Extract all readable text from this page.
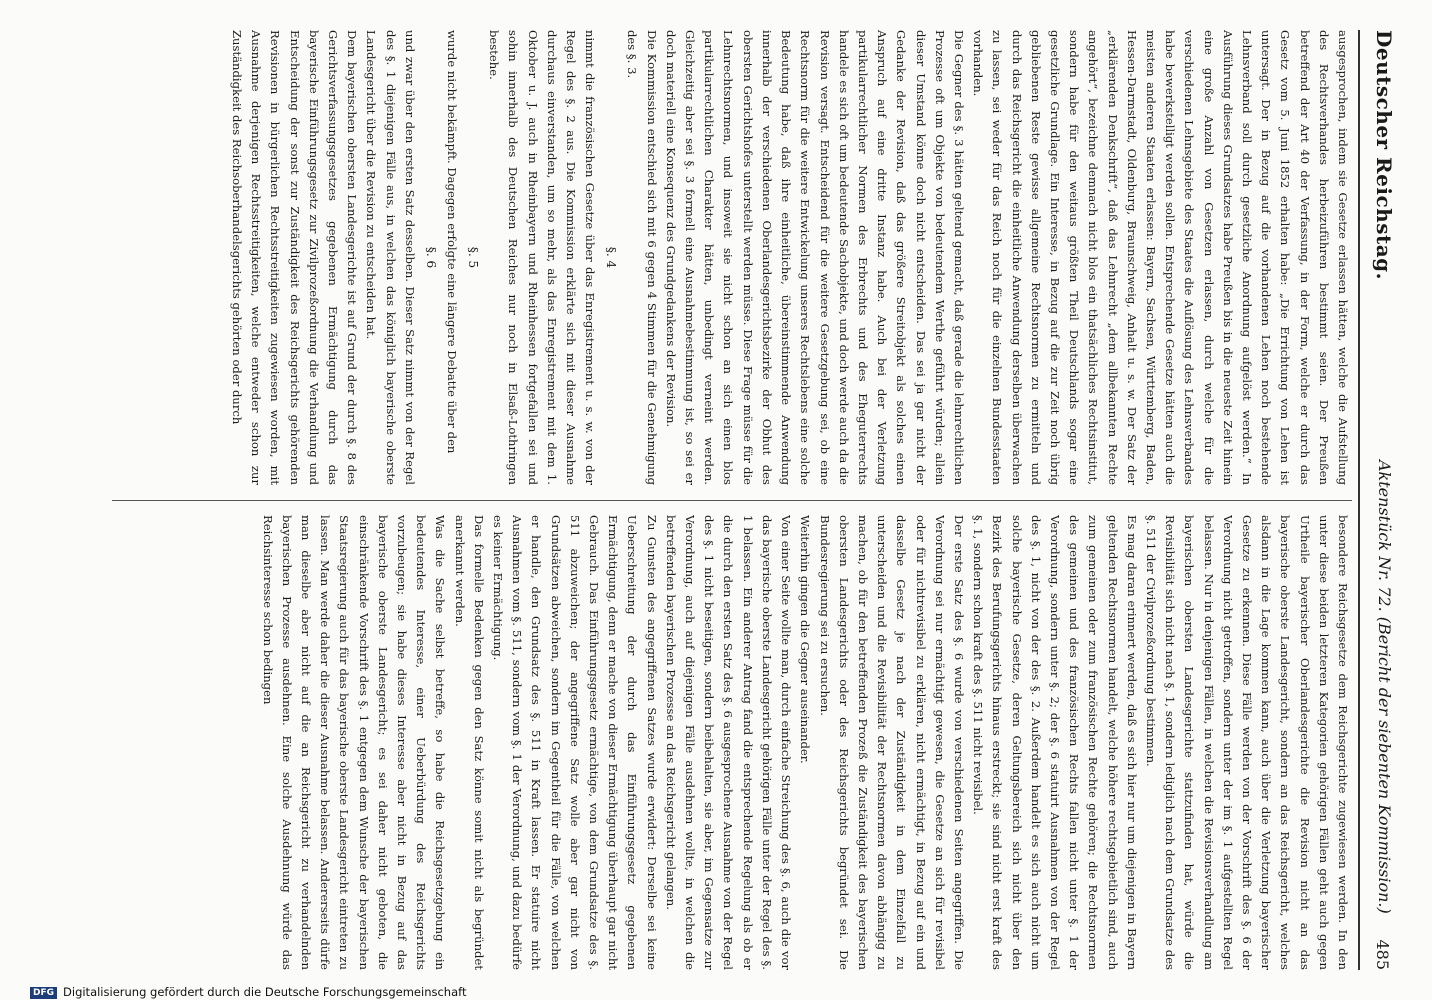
Deutscher Reichstag.
Aktenstück Nr. 72. (Bericht der siebenten Kommission.)
485

ausgesprochen, indem sie Gesetze erlassen hätten, welche die Aufstellung des Rechtsverhandes herbeizuführen bestimmt seien. Der Preußen betreffend der Art 40 der Verfassung, in der Form, welche er durch das Gesetz vom 5. Juni 1852 erhalten habe: „Die Errichtung von Lehen ist untersagt. Der in Bezug auf die vorhandenen Lehen noch bestehende Lehnsverband soll durch gesetzliche Anordnung aufgelöst werden.“ In Ausführung dieses Grundsatzes habe Preußen bis in die neueste Zeit hinein eine große Anzahl von Gesetzen erlassen, durch welche für die verschiedenen Lehnsgebiete des Staates die Auflösung des Lehnsverbandes habe bewerkstelligt werden sollen. Entsprechende Gesetze hätten auch die meisten anderen Staaten erlassen: Bayern, Sachsen, Württemberg, Baden, Hessen-Darmstadt, Oldenburg, Braunschweig, Anhalt u. s. w. Der Satz der „erklärenden Denkschrift“, daß das Lehnrecht „dem allbekannten Rechte angehört“, bezeichne demnach nicht blos ein thatsächliches Rechtsinstitut, sondern habe für den weitaus größten Theil Deutschlands sogar eine gesetzliche Grundlage. Ein Interesse, in Bezug auf die zur Zeit noch übrig gebliebenen Reste gewisse allgemeine Rechtsnormen zu ermitteln und durch das Reichsgericht die einheitliche Anwendung derselben überwachen zu lassen, sei weder für das Reich noch für die einzelnen Bundesstaaten vorhanden.

Die Gegner des §. 3 hätten geltend gemacht, daß gerade die lehnrechtlichen Prozesse oft um Objekte von bedeutendem Werthe geführt würden; allein dieser Umstand könne doch nicht entscheiden. Das sei ja gar nicht der Gedanke der Revision, daß das größere Streitobjekt als solches einen Anspruch auf eine dritte Instanz habe. Auch bei der Verletzung partikularrechtlicher Normen des Erbrechts und des Eheguterrechts handele es sich oft um bedeutende Sachobjekte, und doch werde auch da die Revision versagt. Entscheidend für die weitere Gesetzgebung sei, ob eine Rechtsnorm für die weitere Entwickelung unseres Rechtslebens eine solche Bedeutung habe, daß ihre einheitliche, übereinstimmende Anwendung innerhalb der verschiedenen Oberlandesgerichtsbezirke der Obhut des obersten Gerichtshofes unterstellt werden müsse. Diese Frage müsse für die Lehnrechtsnormen, und insoweit sie nicht schon an sich einen blos partikularrechtlichen Charakter hätten, unbedingt verneint werden. Gleichzeitig aber sei §. 3 formell eine Ausnahmebestimmung ist, so sei er doch materiell eine Konsequenz des Grundgedankens der Revision.

Die Kommission entschied sich mit 6 gegen 4 Stimmen für die Genehmigung des §. 3.

§. 4

nimmt die französischen Gesetze über das Enregistrement u. s. w. von der Regel des §. 2 aus. Die Kommission erklärte sich mit dieser Ausnahme durchaus einverstanden, um so mehr, als das Enregistrement mit dem 1. Oktober u. J. auch in Rheinbayern und Rheinhessen fortgefallen sei und sohin innerhalb des Deutschen Reiches nur noch in Elsaß-Lothringen bestehe.

§. 5

wurde nicht bekämpft. Dagegen erfolgte eine längere Debatte über den

§. 6

und zwar über den ersten Satz desselben. Dieser Satz nimmt von der Regel des §. 1 diejenigen Fälle aus, in welchen das königlich bayerische oberste Landesgericht über die Revision zu entscheiden hat.

Dem bayerischen obersten Landesgerichte ist auf Grund der durch §. 8 des Gerichtsverfassungsgesetzes gegebenen Ermächtigung durch das bayerische Einführungsgesetz zur Zivilprozeßordnung die Verhandlung und Entscheidung der sonst zur Zuständigkeit des Reichsgerichts gehörenden Revisionen in bürgerlichen Rechtsstreitigkeiten zugewiesen worden, mit Ausnahme derjenigen Rechtsstreitigkeiten, welche entweder schon zur Zuständigkeit des Reichsoberhandelsgerichts gehörten oder durch

besondere Reichsgesetze dem Reichsgerichte zugewiesen werden. In den unter diese beiden letzteren Kategorien gehörigen Fällen geht auch gegen Urtheile bayerischer Oberlandesgerichte die Revision nicht an das bayerische oberste Landesgericht, sondern an das Reichsgericht, welches alsdann in die Lage kommen kann, auch über die Verletzung bayerischer Gesetze zu erkennen. Diese Fälle werden von der Vorschrift des §. 6 der Verordnung nicht getroffen, sondern unter der im §. 1 aufgestellten Regel belassen. Nur in denjenigen Fällen, in welchen die Revisionsverhandlung am bayerischen obersten Landesgerichte stattzufinden hat, würde die Revisibilität sich nicht nach §. 1, sondern lediglich nach dem Grundsatze des §. 511 der Civilprozeßordnung bestimmen.

Es mag daran erinnert werden, daß es sich hier nur um diejenigen in Bayern geltenden Rechtsnormen handelt, welche höhere rechtsgebietlich sind, auch zum gemeinen oder zum französischen Rechte gehören; die Rechtsnormen des gemeinen und des französischen Rechts fallen nicht unter §. 1 der Verordnung, sondern unter §. 2; der §. 6 statuirt Ausnahmen von der Regel des §. 1, nicht von der des §. 2. Außerdem handelt es sich auch nicht um solche bayerische Gesetze, deren Geltungsbereich sich nicht über den Bezirk des Berufungsgerichts hinaus erstreckt; sie sind nicht erst kraft des §. 1, sondern schon kraft des §. 511 nicht revisibel.

Der erste Satz des §. 6 wurde von verschiedenen Seiten angegriffen. Die Verordnung sei nur ermächtigt gewesen, die Gesetze an sich für revisibel oder für nichtrevisibel zu erklären, nicht ermächtigt, in Bezug auf ein und dasselbe Gesetz je nach der Zuständigkeit in dem Einzelfall zu unterscheiden und die Revisibilität der Rechtsnormen davon abhängig zu machen, ob für den betreffenden Prozeß die Zuständigkeit des bayerischen obersten Landesgerichts oder des Reichsgerichts begründet sei. Die Bundesregierung sei zu ersuchen.

Weiterhin gingen die Gegner auseinander.

Von einer Seite wollte man, durch einfache Streichung des §. 6, auch die vor das bayerische oberste Landesgericht gehörigen Fälle unter der Regel des §. 1 belassen. Ein anderer Antrag fand die entsprechende Regelung als ob er die durch den ersten Satz des §. 6 ausgesprochene Ausnahme von der Regel des §. 1 nicht beseitigen, sondern beibehalten, sie aber, im Gegensatze zur Verordnung, auch auf diejenigen Fälle ausdehnen wollte, in welchen die betreffenden bayerischen Prozesse an das Reichsgericht gelangen.

Zu Gunsten des angegriffenen Satzes wurde erwidert: Derselbe sei keine Ueberschreitung der durch das Einführungsgesetz gegebenen Ermächtigung, denn er mache von dieser Ermächtigung überhaupt gar nicht Gebrauch. Das Einführungsgesetz ermächtige, von dem Grundsatze des §. 511 abzuweichen; der angegriffene Satz wolle aber gar nicht von Grundsätzen abweichen, sondern im Gegentheil für die Fälle, von welchen er handle, den Grundsatz des §. 511 in Kraft lassen. Er statuire nicht Ausnahmen vom §. 511, sondern vom §. 1 der Verordnung, und dazu bedürfe es keiner Ermächtigung.

Das formelle Bedenken gegen den Satz könne somit nicht als begründet anerkannt werden.

Was die Sache selbst betreffe, so habe die Reichsgesetzgebung ein bedeutendes Interesse, einer Ueberbürdung des Reichsgerichts vorzubeugen; sie habe dieses Interesse aber nicht in Bezug auf das bayerische oberste Landesgericht; es sei daher nicht geboten, die einschränkende Vorschrift des §. 1 entgegen dem Wunsche der bayerischen Staatsregierung auch für das bayerische oberste Landesgericht eintreten zu lassen. Man werde daher die dieser Ausnahme belassen. Andererseits dürfe man dieselbe aber nicht auf die an Reichsgericht zu verhandelnden bayerischen Prozesse ausdehnen. Eine solche Ausdehnung würde das Reichsinteresse schon bedingen

DFG Digitalisierung gefördert durch die Deutsche Forschungsgemeinschaft
